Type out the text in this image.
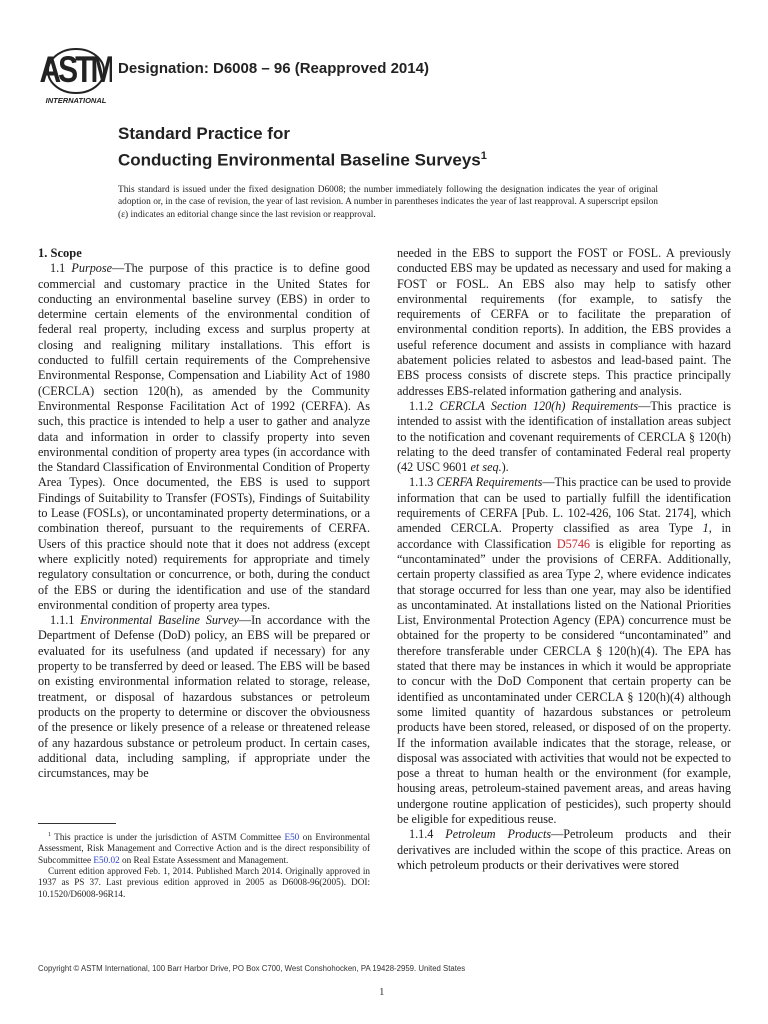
ASTM
INTERNATIONAL
Designation: D6008 – 96 (Reapproved 2014)
Standard Practice for
Conducting Environmental Baseline Surveys$^1$
This standard is issued under the fixed designation D6008; the number immediately following the designation indicates the year of original adoption or, in the case of revision, the year of last revision. A number in parentheses indicates the year of last reapproval. A superscript epsilon (ε) indicates an editorial change since the last revision or reapproval.

1. Scope

1.1 Purpose—The purpose of this practice is to define good commercial and customary practice in the United States for conducting an environmental baseline survey (EBS) in order to determine certain elements of the environmental condition of federal real property, including excess and surplus property at closing and realigning military installations. This effort is conducted to fulfill certain requirements of the Comprehensive Environmental Response, Compensation and Liability Act of 1980 (CERCLA) section 120(h), as amended by the Community Environmental Response Facilitation Act of 1992 (CERFA). As such, this practice is intended to help a user to gather and analyze data and information in order to classify property into seven environmental condition of property area types (in accordance with the Standard Classification of Environmental Condition of Property Area Types). Once documented, the EBS is used to support Findings of Suitability to Transfer (FOSTs), Findings of Suitability to Lease (FOSLs), or uncontaminated property determinations, or a combination thereof, pursuant to the requirements of CERFA. Users of this practice should note that it does not address (except where explicitly noted) requirements for appropriate and timely regulatory consultation or concurrence, or both, during the conduct of the EBS or during the identification and use of the standard environmental condition of property area types.

1.1.1 Environmental Baseline Survey—In accordance with the Department of Defense (DoD) policy, an EBS will be prepared or evaluated for its usefulness (and updated if necessary) for any property to be transferred by deed or leased. The EBS will be based on existing environmental information related to storage, release, treatment, or disposal of hazardous substances or petroleum products on the property to determine or discover the obviousness of the presence or likely presence of a release or threatened release of any hazardous substance or petroleum product. In certain cases, additional data, including sampling, if appropriate under the circumstances, may be

needed in the EBS to support the FOST or FOSL. A previously conducted EBS may be updated as necessary and used for making a FOST or FOSL. An EBS also may help to satisfy other environmental requirements (for example, to satisfy the requirements of CERFA or to facilitate the preparation of environmental condition reports). In addition, the EBS provides a useful reference document and assists in compliance with hazard abatement policies related to asbestos and lead-based paint. The EBS process consists of discrete steps. This practice principally addresses EBS-related information gathering and analysis.

1.1.2 CERCLA Section 120(h) Requirements—This practice is intended to assist with the identification of installation areas subject to the notification and covenant requirements of CERCLA § 120(h) relating to the deed transfer of contaminated Federal real property (42 USC 9601 et seq.).

1.1.3 CERFA Requirements—This practice can be used to provide information that can be used to partially fulfill the identification requirements of CERFA [Pub. L. 102-426, 106 Stat. 2174], which amended CERCLA. Property classified as area Type 1, in accordance with Classification D5746 is eligible for reporting as “uncontaminated” under the provisions of CERFA. Additionally, certain property classified as area Type 2, where evidence indicates that storage occurred for less than one year, may also be identified as uncontaminated. At installations listed on the National Priorities List, Environmental Protection Agency (EPA) concurrence must be obtained for the property to be considered “uncontaminated” and therefore transferable under CERCLA § 120(h)(4). The EPA has stated that there may be instances in which it would be appropriate to concur with the DoD Component that certain property can be identified as uncontaminated under CERCLA § 120(h)(4) although some limited quantity of hazardous substances or petroleum products have been stored, released, or disposed of on the property. If the information available indicates that the storage, release, or disposal was associated with activities that would not be expected to pose a threat to human health or the environment (for example, housing areas, petroleum-stained pavement areas, and areas having undergone routine application of pesticides), such property should be eligible for expeditious reuse.

1.1.4 Petroleum Products—Petroleum products and their derivatives are included within the scope of this practice. Areas on which petroleum products or their derivatives were stored

$^1$ This practice is under the jurisdiction of ASTM Committee E50 on Environmental Assessment, Risk Management and Corrective Action and is the direct responsibility of Subcommittee E50.02 on Real Estate Assessment and Management.

Current edition approved Feb. 1, 2014. Published March 2014. Originally approved in 1937 as PS 37. Last previous edition approved in 2005 as D6008-96(2005). DOI: 10.1520/D6008-96R14.

Copyright © ASTM International, 100 Barr Harbor Drive, PO Box C700, West Conshohocken, PA 19428-2959. United States
1
